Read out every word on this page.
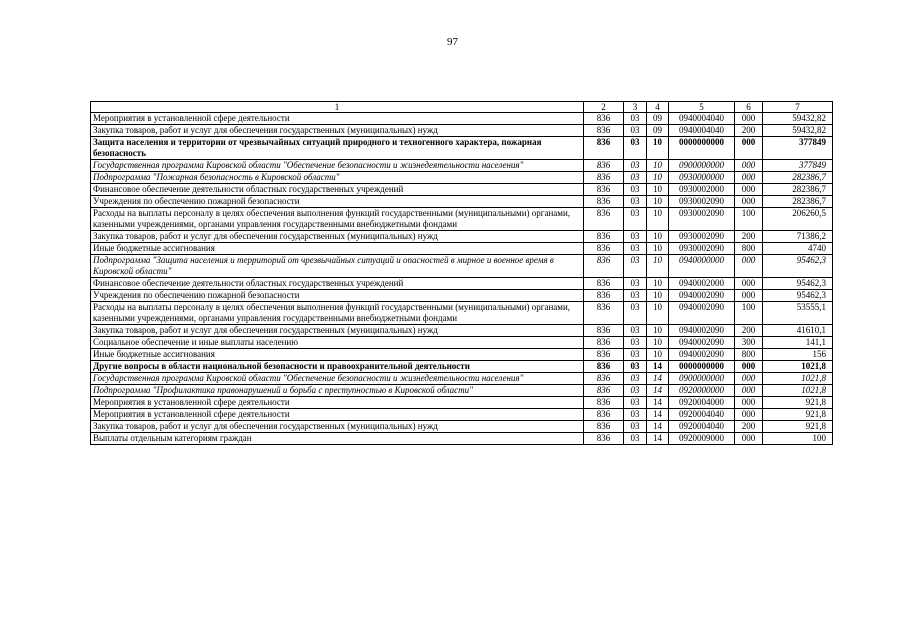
97
1	2	3	4	5	6	7
Мероприятия в установленной сфере деятельности	836	03	09	0940004040	000	59432,82
Закупка товаров, работ и услуг для обеспечения государственных (муниципальных) нужд	836	03	09	0940004040	200	59432,82
Защита населения и территории от чрезвычайных ситуаций природного и техногенного характера, пожарная безопасность	836	03	10	0000000000	000	377849
Государственная программа Кировской области "Обеспечение безопасности и жизнедеятельности населения"	836	03	10	0900000000	000	377849
Подпрограмма "Пожарная безопасность в Кировской области"	836	03	10	0930000000	000	282386,7
Финансовое обеспечение деятельности областных государственных учреждений	836	03	10	0930002000	000	282386,7
Учреждения по обеспечению пожарной безопасности	836	03	10	0930002090	000	282386,7
Расходы на выплаты персоналу в целях обеспечения выполнения функций государственными (муниципальными) органами, казенными учреждениями, органами управления государственными внебюджетными фондами	836	03	10	0930002090	100	206260,5
Закупка товаров, работ и услуг для обеспечения государственных (муниципальных) нужд	836	03	10	0930002090	200	71386,2
Иные бюджетные ассигнования	836	03	10	0930002090	800	4740
Подпрограмма "Защита населения и территорий от чрезвычайных ситуаций и опасностей в мирное и военное время в Кировской области"	836	03	10	0940000000	000	95462,3
Финансовое обеспечение деятельности областных государственных учреждений	836	03	10	0940002000	000	95462,3
Учреждения по обеспечению пожарной безопасности	836	03	10	0940002090	000	95462,3
Расходы на выплаты персоналу в целях обеспечения выполнения функций государственными (муниципальными) органами, казенными учреждениями, органами управления государственными внебюджетными фондами	836	03	10	0940002090	100	53555,1
Закупка товаров, работ и услуг для обеспечения государственных (муниципальных) нужд	836	03	10	0940002090	200	41610,1
Социальное обеспечение и иные выплаты населению	836	03	10	0940002090	300	141,1
Иные бюджетные ассигнования	836	03	10	0940002090	800	156
Другие вопросы в области национальной безопасности и правоохранительной деятельности	836	03	14	0000000000	000	1021,8
Государственная программа Кировской области "Обеспечение безопасности и жизнедеятельности населения"	836	03	14	0900000000	000	1021,8
Подпрограмма "Профилактика правонарушений и борьба с преступностью в Кировской области"	836	03	14	0920000000	000	1021,8
Мероприятия в установленной сфере деятельности	836	03	14	0920004000	000	921,8
Мероприятия в установленной сфере деятельности	836	03	14	0920004040	000	921,8
Закупка товаров, работ и услуг для обеспечения государственных (муниципальных) нужд	836	03	14	0920004040	200	921,8
Выплаты отдельным категориям граждан	836	03	14	0920009000	000	100
